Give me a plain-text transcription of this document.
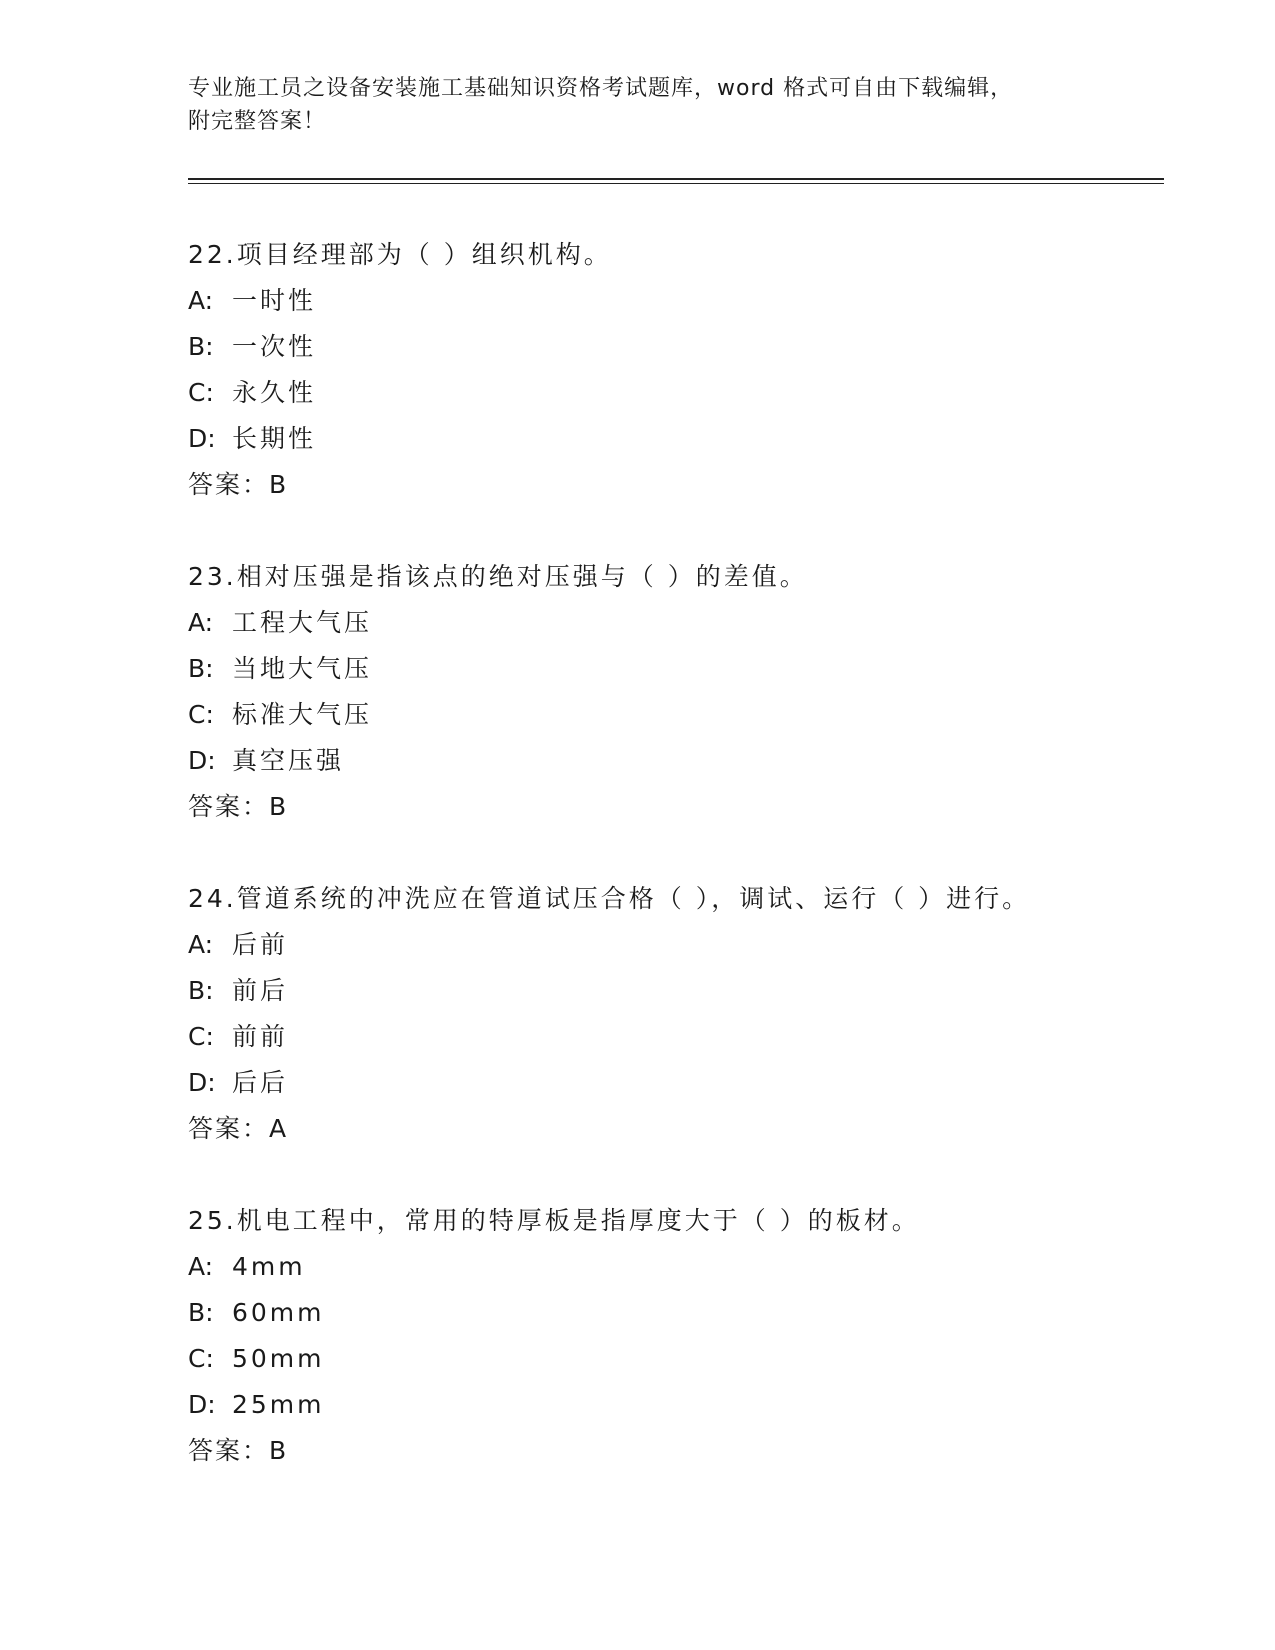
专业施工员之设备安装施工基础知识资格考试题库，word 格式可自由下载编辑，
附完整答案！
22.项目经理部为（ ）组织机构。
A: 一时性
B: 一次性
C: 永久性
D: 长期性
答案：B
23.相对压强是指该点的绝对压强与（ ）的差值。
A: 工程大气压
B: 当地大气压
C: 标准大气压
D: 真空压强
答案：B
24.管道系统的冲洗应在管道试压合格（ ），调试、运行（ ）进行。
A: 后前
B: 前后
C: 前前
D: 后后
答案：A
25.机电工程中，常用的特厚板是指厚度大于（ ）的板材。
A: 4mm
B: 60mm
C: 50mm
D: 25mm
答案：B
